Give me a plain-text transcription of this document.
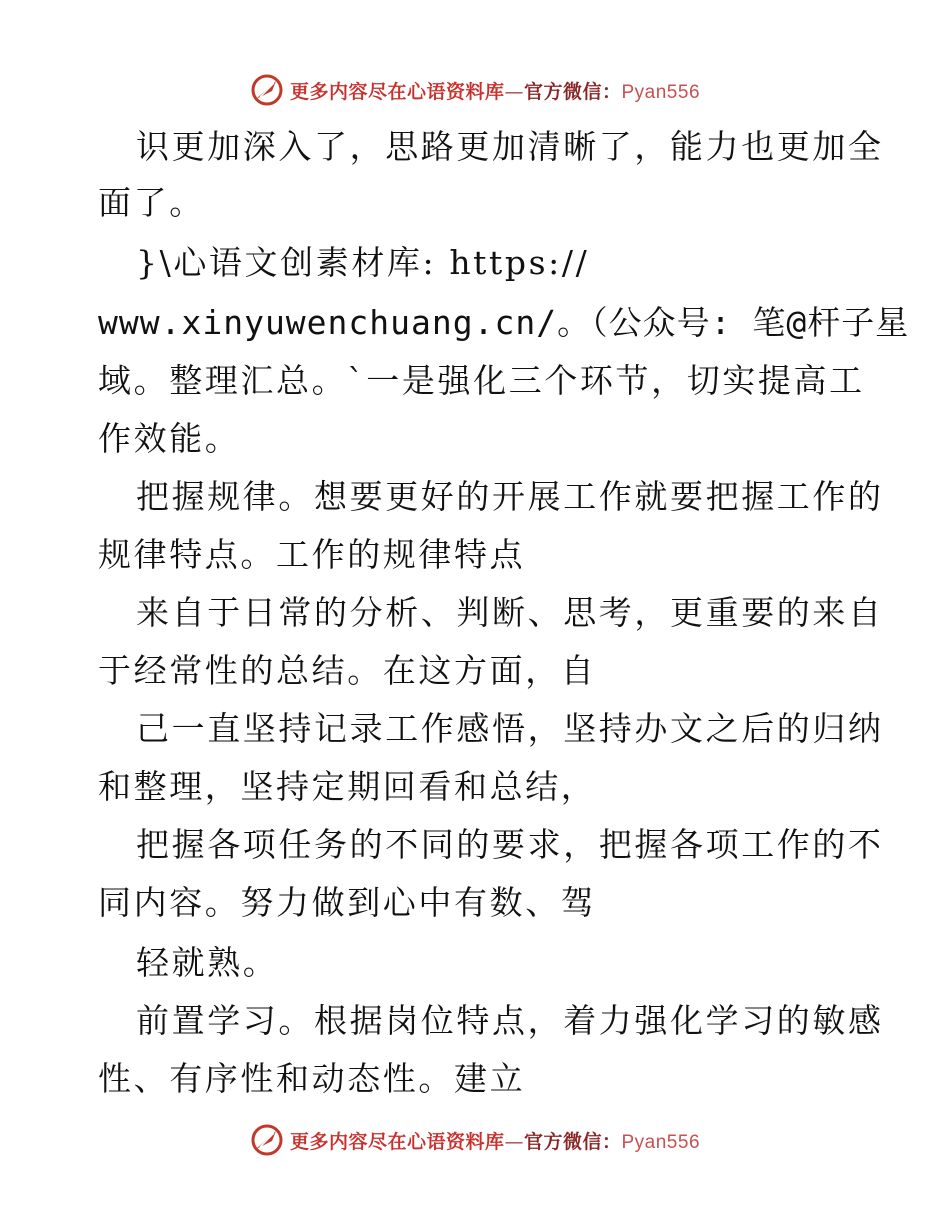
更多内容尽在心语资料库—官方微信：Pyan556
识更加深入了，思路更加清晰了，能力也更加全
面了。
}\心语文创素材库: https://
www.xinyuwenchuang.cn/。（公众号: 笔@杆子星
域。整理汇总。`一是强化三个环节，切实提高工
作效能。
把握规律。想要更好的开展工作就要把握工作的
规律特点。工作的规律特点
来自于日常的分析、判断、思考，更重要的来自
于经常性的总结。在这方面，自
己一直坚持记录工作感悟，坚持办文之后的归纳
和整理，坚持定期回看和总结，
把握各项任务的不同的要求，把握各项工作的不
同内容。努力做到心中有数、驾
轻就熟。
前置学习。根据岗位特点，着力强化学习的敏感
性、有序性和动态性。建立
更多内容尽在心语资料库—官方微信：Pyan556
